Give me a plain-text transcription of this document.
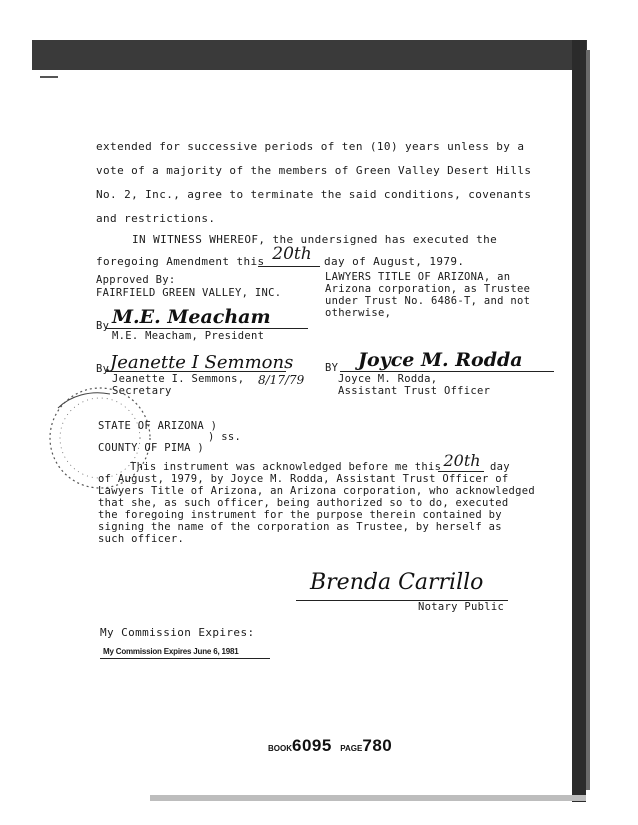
extended for successive periods of ten (10) years unless by a
vote of a majority of the members of Green Valley Desert Hills
No. 2, Inc., agree to terminate the said conditions, covenants
and restrictions.
IN WITNESS WHEREOF, the undersigned has executed the
foregoing Amendment this 20th	day of August, 1979.
Approved By:
FAIRFIELD GREEN VALLEY, INC.
By M.E. Meacham
M.E. Meacham, President
By Jeanette I Semmons
Jeanette I. Semmons, 8/17/79
Secretary
LAWYERS TITLE OF ARIZONA, an
Arizona corporation, as Trustee
under Trust No. 6486-T, and not
otherwise,
BY Joyce M. Rodda
Joyce M. Rodda,
Assistant Trust Officer
STATE OF ARIZONA )
) ss.
COUNTY OF PIMA )
This instrument was acknowledged before me this 20th day
of August, 1979, by Joyce M. Rodda, Assistant Trust Officer of
Lawyers Title of Arizona, an Arizona corporation, who acknowledged
that she, as such officer, being authorized so to do, executed
the foregoing instrument for the purpose therein contained by
signing the name of the corporation as Trustee, by herself as
such officer.
Brenda Carrillo
Notary Public
My Commission Expires:
My Commission Expires June 6, 1981
BOOK6095 PAGE780
